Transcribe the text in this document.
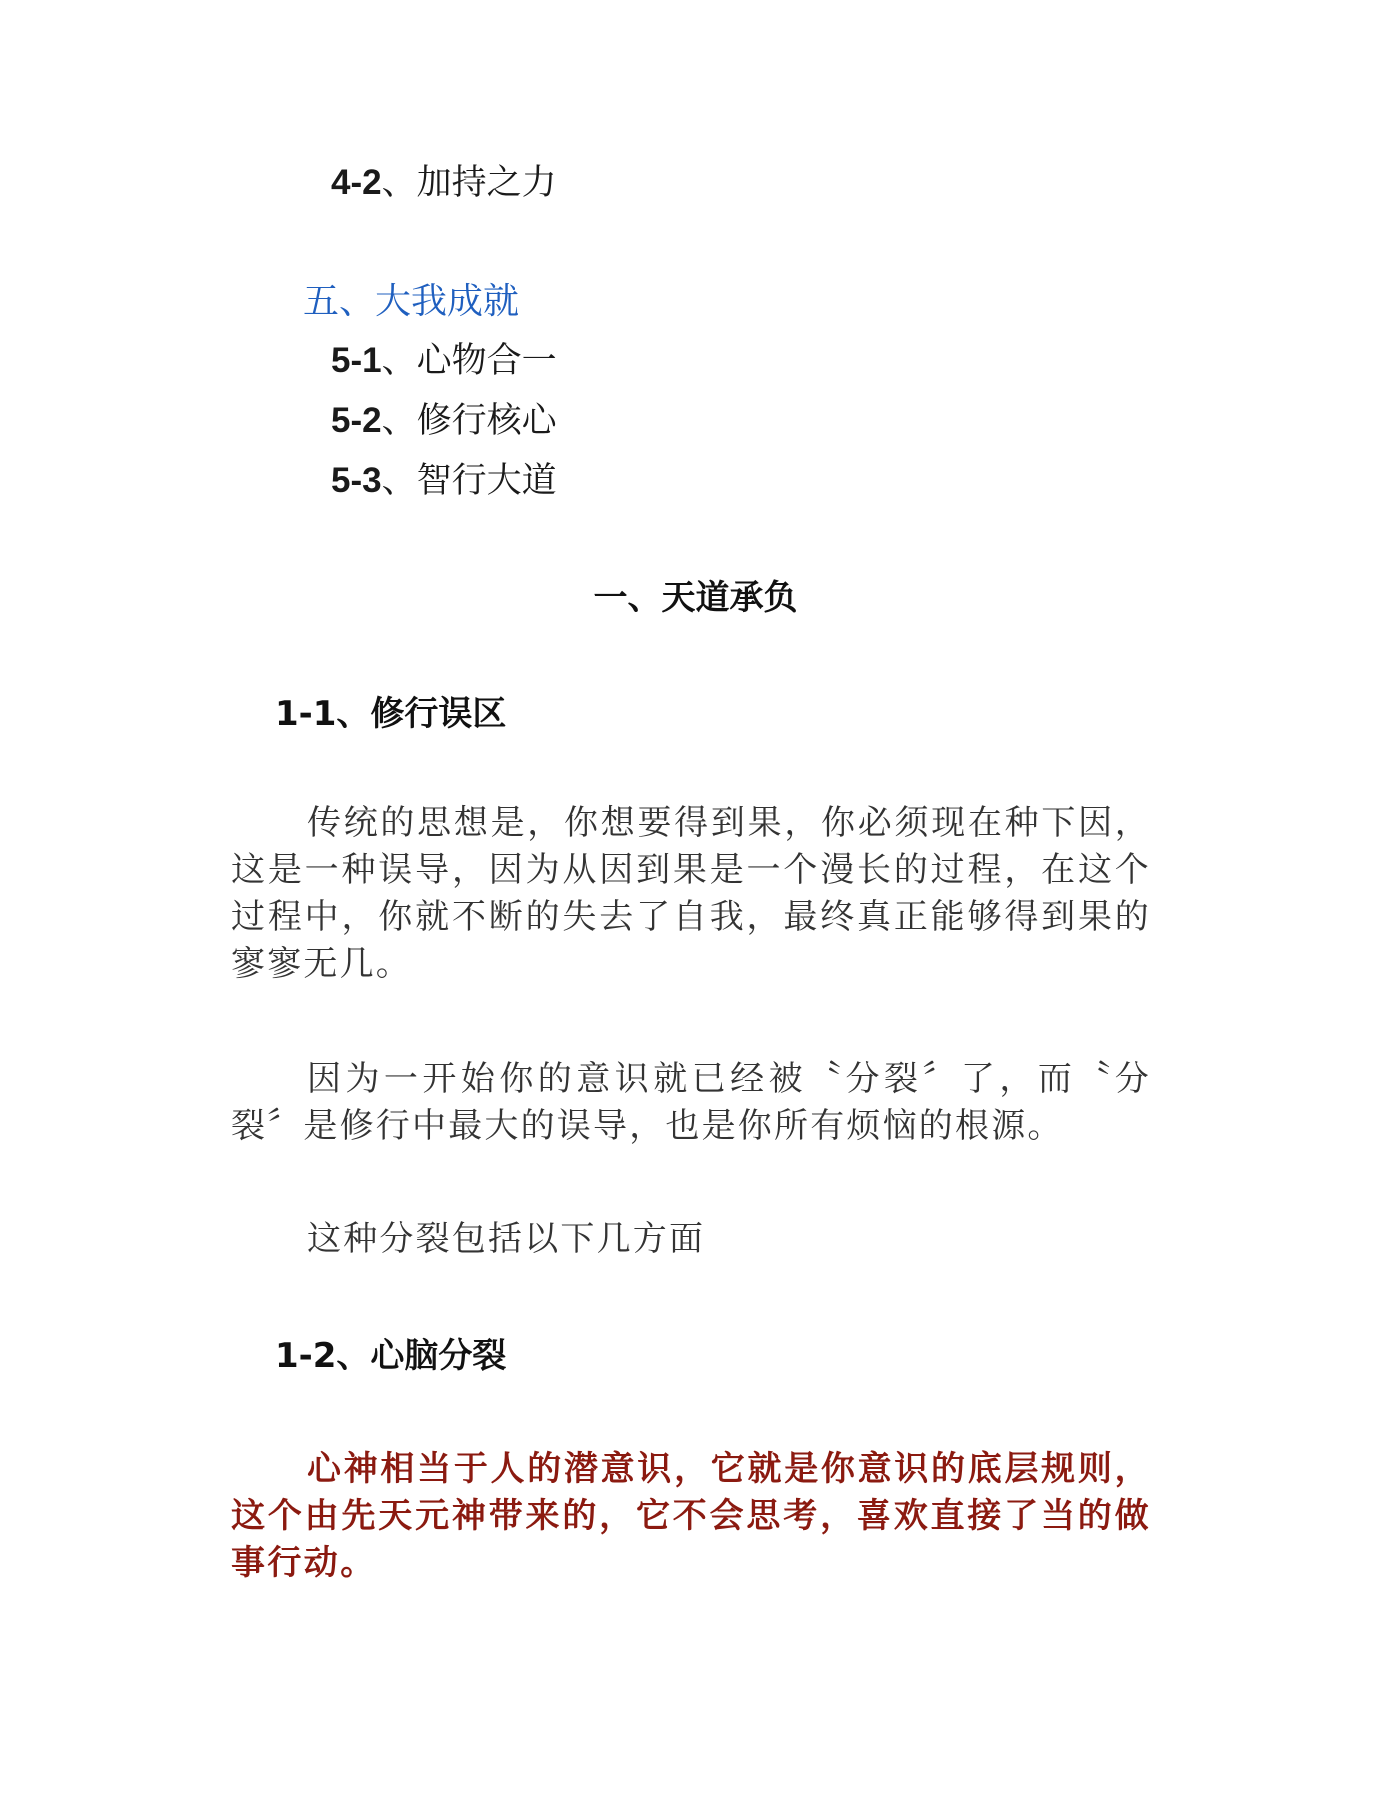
4-2、加持之力
五、大我成就
5-1、心物合一
5-2、修行核心
5-3、智行大道
一、天道承负
1-1、修行误区

传统的思想是，你想要得到果，你必须现在种下因，这是一种误导，因为从因到果是一个漫长的过程，在这个过程中，你就不断的失去了自我，最终真正能够得到果的寥寥无几。

因为一开始你的意识就已经被〝分裂〞了，而〝分裂〞是修行中最大的误导，也是你所有烦恼的根源。

这种分裂包括以下几方面

1-2、心脑分裂

心神相当于人的潜意识，它就是你意识的底层规则，这个由先天元神带来的，它不会思考，喜欢直接了当的做事行动。
